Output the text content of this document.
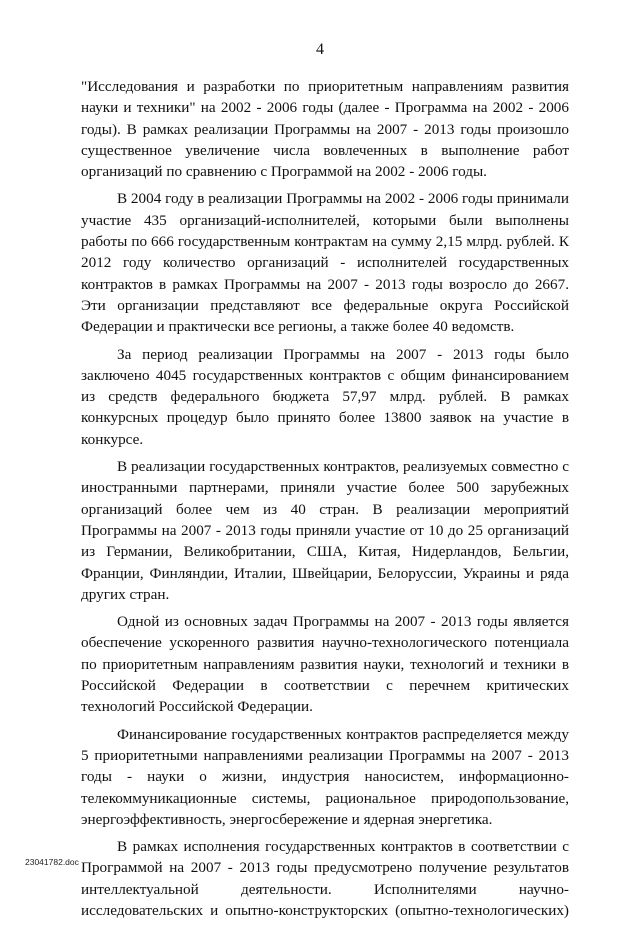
4

"Исследования и разработки по приоритетным направлениям развития науки и техники" на 2002 - 2006 годы (далее - Программа на 2002 - 2006 годы). В рамках реализации Программы на 2007 - 2013 годы произошло существенное увеличение числа вовлеченных в выполнение работ организаций по сравнению с Программой на 2002 - 2006 годы.

В 2004 году в реализации Программы на 2002 - 2006 годы принимали участие 435 организаций-исполнителей, которыми были выполнены работы по 666 государственным контрактам на сумму 2,15 млрд. рублей. К 2012 году количество организаций - исполнителей государственных контрактов в рамках Программы на 2007 - 2013 годы возросло до 2667. Эти организации представляют все федеральные округа Российской Федерации и практически все регионы, а также более 40 ведомств.

За период реализации Программы на 2007 - 2013 годы было заключено 4045 государственных контрактов с общим финансированием из средств федерального бюджета 57,97 млрд. рублей. В рамках конкурсных процедур было принято более 13800 заявок на участие в конкурсе.

В реализации государственных контрактов, реализуемых совместно с иностранными партнерами, приняли участие более 500 зарубежных организаций более чем из 40 стран. В реализации мероприятий Программы на 2007 - 2013 годы приняли участие от 10 до 25 организаций из Германии, Великобритании, США, Китая, Нидерландов, Бельгии, Франции, Финляндии, Италии, Швейцарии, Белоруссии, Украины и ряда других стран.

Одной из основных задач Программы на 2007 - 2013 годы является обеспечение ускоренного развития научно-технологического потенциала по приоритетным направлениям развития науки, технологий и техники в Российской Федерации в соответствии с перечнем критических технологий Российской Федерации.

Финансирование государственных контрактов распределяется между 5 приоритетными направлениями реализации Программы на 2007 - 2013 годы - науки о жизни, индустрия наносистем, информационно-телекоммуникационные системы, рациональное природопользование, энергоэффективность, энергосбережение и ядерная энергетика.

В рамках исполнения государственных контрактов в соответствии с Программой на 2007 - 2013 годы предусмотрено получение результатов интеллектуальной деятельности. Исполнителями научно-исследовательских и опытно-конструкторских (опытно-технологических)

23041782.doc
